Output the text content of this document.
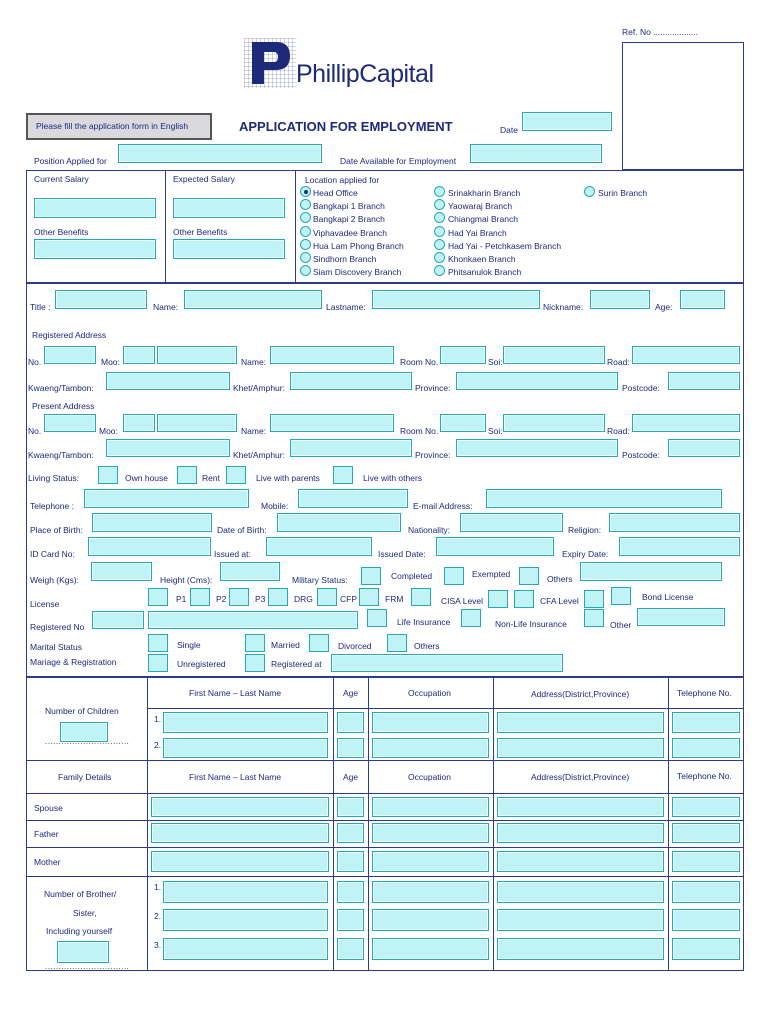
Ref. No ...................
PhillipCapital
Please fill the application form in English	APPLICATION FOR EMPLOYMENT	Date
Position Applied for	Date Available for Employment
Current Salary
Other Benefits
Expected Salary
Other Benefits
Location applied for
Head Office
Bangkapi 1 Branch
Bangkapi 2 Branch
Viphavadee Branch
Hua Lam Phong Branch
Sindhorn Branch
Siam Discovery Branch
Srinakharin Branch
Yaowaraj Branch
Chiangmai Branch
Had Yai Branch
Had Yai - Petchkasem Branch
Khonkaen Branch
Phitsanulok Branch
Surin Branch
Title :	Name:	Lastname:	Nickname:	Age:
Registered Address
No.	Moo:	Name:	Room No.	Soi:	Road:
Kwaeng/Tambon:	Khet/Amphur:	Province:	Postcode:
Present Address
No.	Moo:	Name:	Room No.	Soi:	Road:
Kwaeng/Tambon:	Khet/Amphur:	Province:	Postcode:
Living Status:	Own house	Rent	Live with parents	Live with others
Telephone :	Mobile:	E-mail Address:
Place of Birth:	Date of Birth:	Nationality:	Religion:
ID Card No:	Issued at:	Issued Date:	Expiry Date:
Weigh (Kgs):	Height (Cms):	Military Status:	Completed	Exempted	Others
License	P1	P2	P3	DRG	CFP	FRM	CISA Level	CFA Level	Bond License
Registered No	Life Insurance	Non-Life Insurance	Other
Marital Status	Single	Married	Divorced	Others
Mariage & Registration	Unregistered	Registered at
First Name – Last Name	Age	Occupation	Address(District,Province)	Telephone No.
Number of Children
...............................
1.
2.
Family Details	First Name – Last Name	Age	Occupation	Address(District,Province)	Telephone No.
Spouse
Father
Mother
Number of Brother/
Sister,
Including yourself
...............................
1.
2.
3.
